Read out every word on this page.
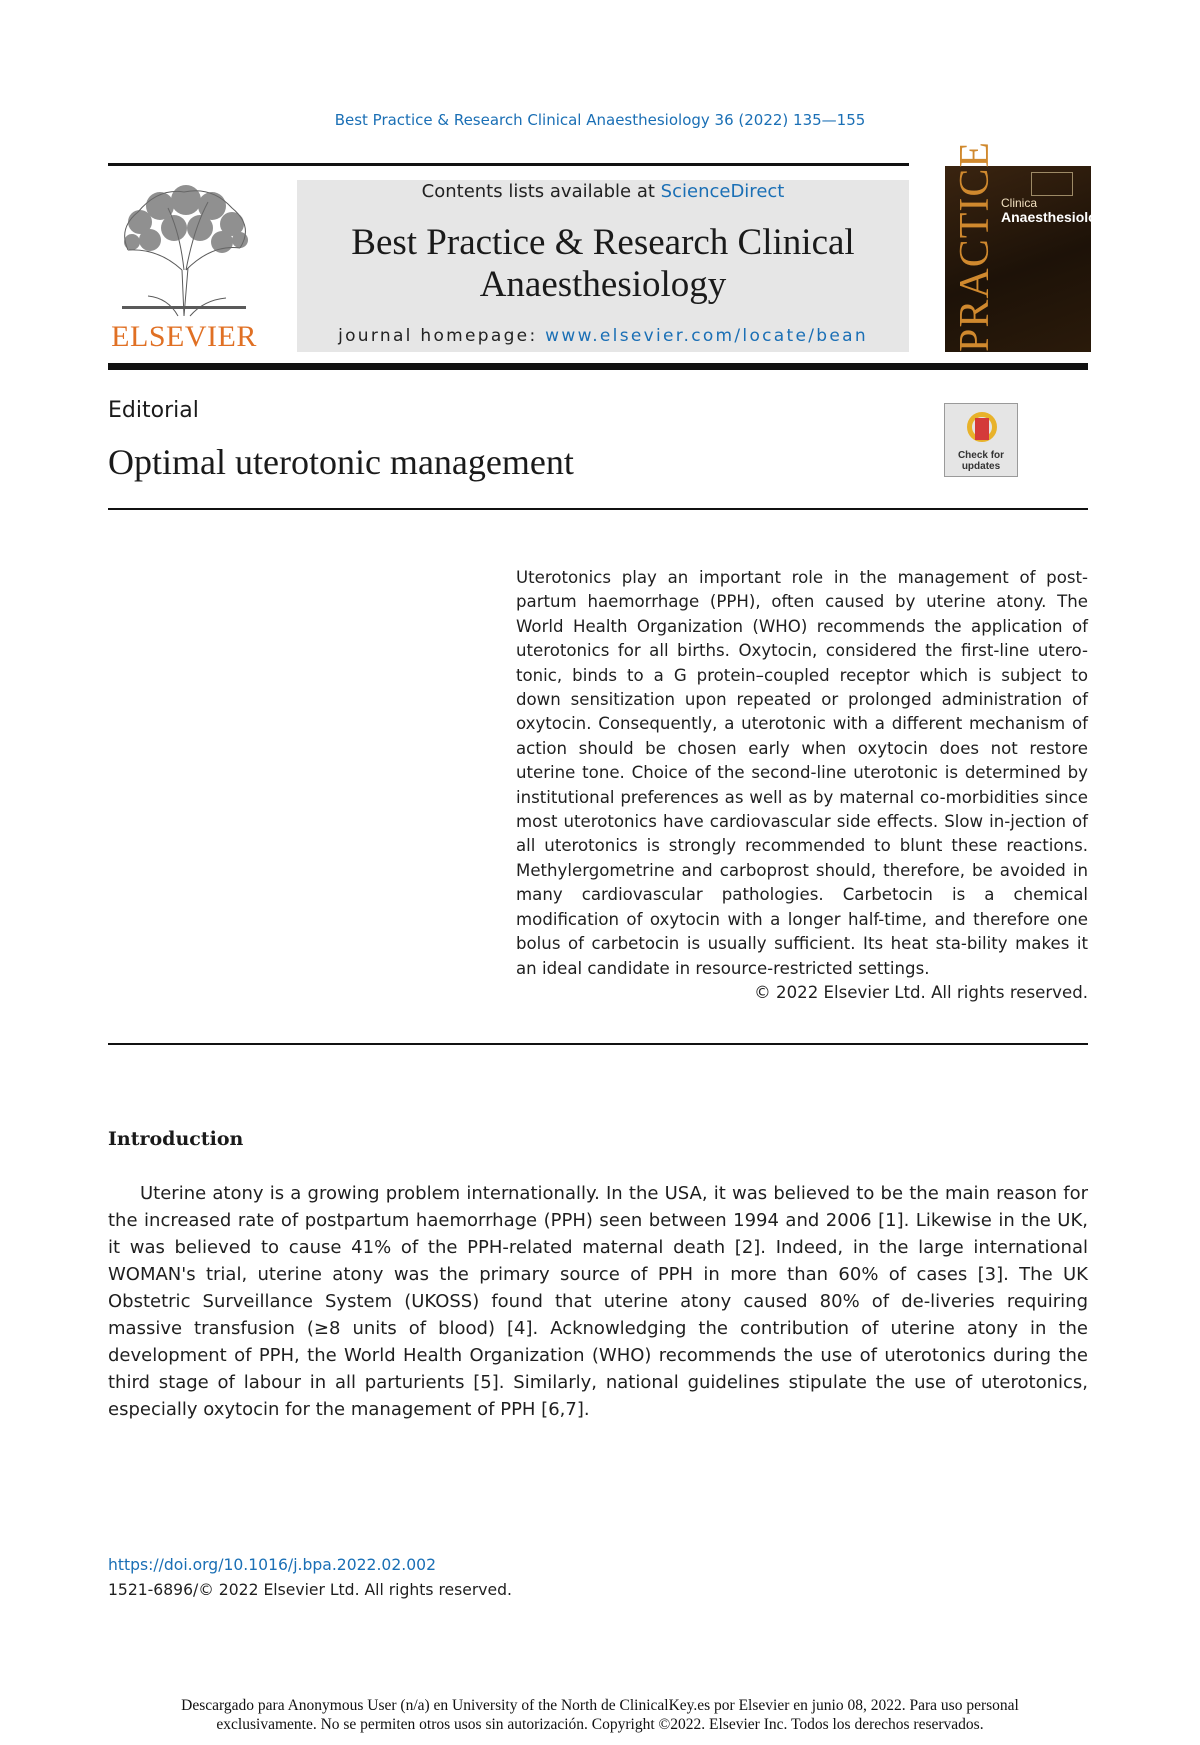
Best Practice & Research Clinical Anaesthesiology 36 (2022) 135—155
ELSEVIER
Contents lists available at ScienceDirect
Best Practice & Research Clinical
Anaesthesiology
journal homepage: www.elsevier.com/locate/bean	PRACTICE Clinica
Anaesthesiology
Editorial
Optimal uterotonic management	Check for updates
Uterotonics play an important role in the management of post-partum haemorrhage (PPH), often caused by uterine atony. The World Health Organization (WHO) recommends the application of uterotonics for all births. Oxytocin, considered the first-line utero-tonic, binds to a G protein–coupled receptor which is subject to down sensitization upon repeated or prolonged administration of oxytocin. Consequently, a uterotonic with a different mechanism of action should be chosen early when oxytocin does not restore uterine tone. Choice of the second-line uterotonic is determined by institutional preferences as well as by maternal co-morbidities since most uterotonics have cardiovascular side effects. Slow in-jection of all uterotonics is strongly recommended to blunt these reactions. Methylergometrine and carboprost should, therefore, be avoided in many cardiovascular pathologies. Carbetocin is a chemical modification of oxytocin with a longer half-time, and therefore one bolus of carbetocin is usually sufficient. Its heat sta-bility makes it an ideal candidate in resource-restricted settings.
© 2022 Elsevier Ltd. All rights reserved.
Introduction
Uterine atony is a growing problem internationally. In the USA, it was believed to be the main reason for the increased rate of postpartum haemorrhage (PPH) seen between 1994 and 2006 [1]. Likewise in the UK, it was believed to cause 41% of the PPH-related maternal death [2]. Indeed, in the large international WOMAN's trial, uterine atony was the primary source of PPH in more than 60% of cases [3]. The UK Obstetric Surveillance System (UKOSS) found that uterine atony caused 80% of de-liveries requiring massive transfusion (≥8 units of blood) [4]. Acknowledging the contribution of uterine atony in the development of PPH, the World Health Organization (WHO) recommends the use of uterotonics during the third stage of labour in all parturients [5]. Similarly, national guidelines stipulate the use of uterotonics, especially oxytocin for the management of PPH [6,7].
https://doi.org/10.1016/j.bpa.2022.02.002
1521-6896/© 2022 Elsevier Ltd. All rights reserved.
Descargado para Anonymous User (n/a) en University of the North de ClinicalKey.es por Elsevier en junio 08, 2022. Para uso personal
exclusivamente. No se permiten otros usos sin autorización. Copyright ©2022. Elsevier Inc. Todos los derechos reservados.
